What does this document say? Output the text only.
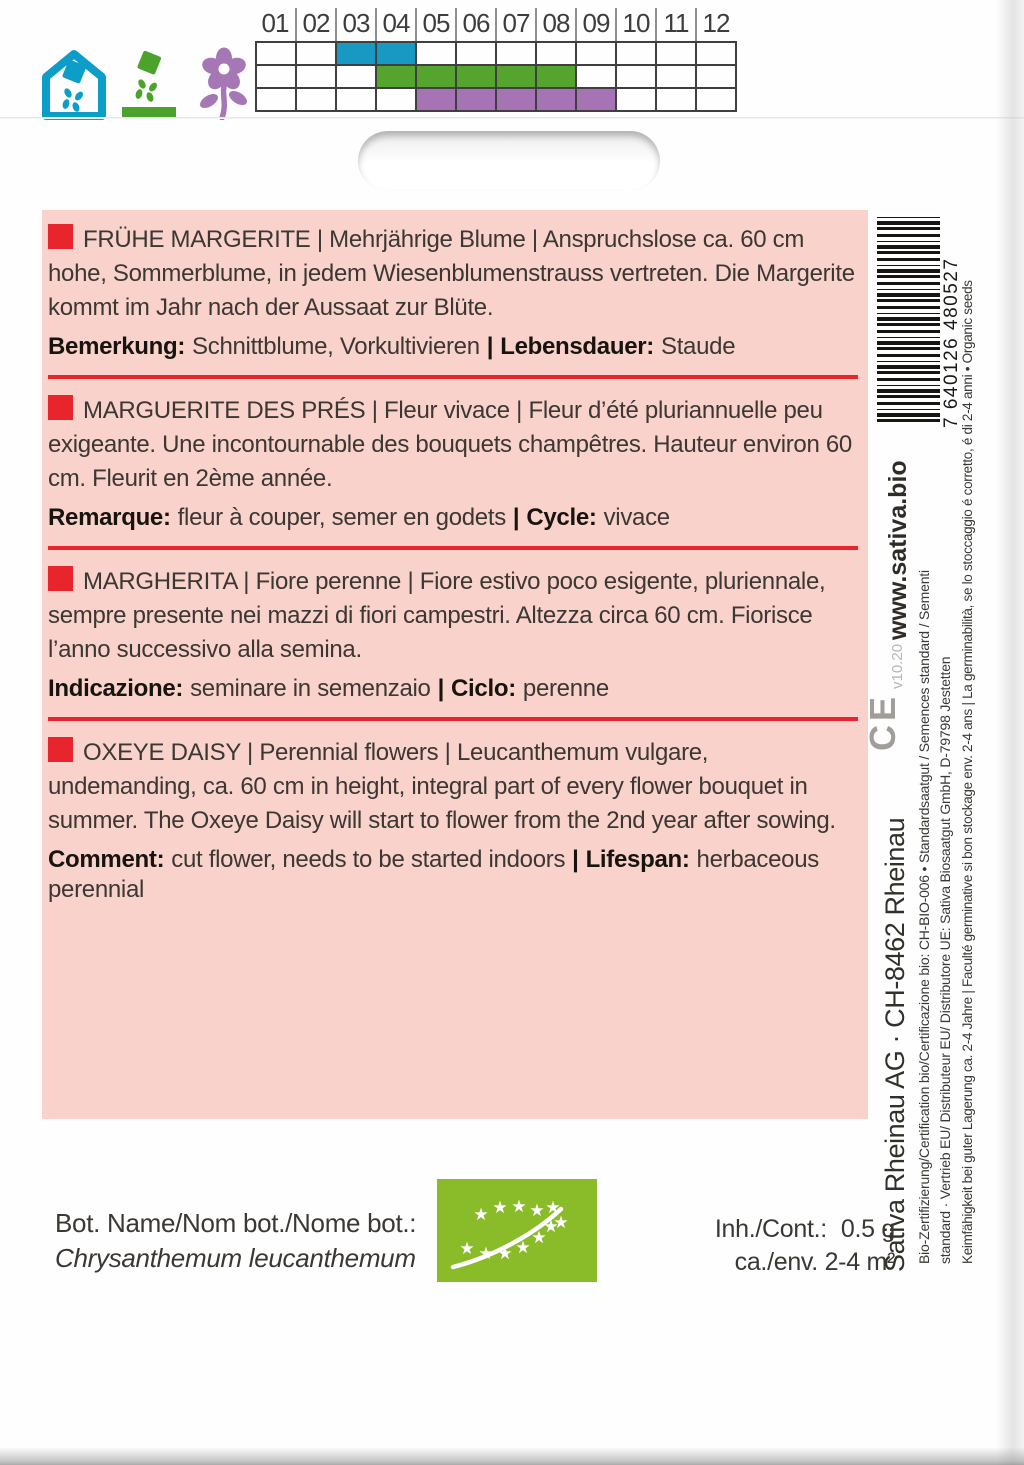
01 02 03 04 05 06 07 08 09 10 11 12

FRÜHE MARGERITE | Mehrjährige Blume | Anspruchslose ca. 60 cm hohe, Sommerblume, in jedem Wiesenblumenstrauss vertreten. Die Margerite kommt im Jahr nach der Aussaat zur Blüte.

Bemerkung: Schnittblume, Vorkultivieren | Lebensdauer: Staude

MARGUERITE DES PRÉS | Fleur vivace | Fleur d’été pluriannuelle peu exigeante. Une incontournable des bouquets champêtres. Hauteur environ 60 cm. Fleurit en 2ème année.

Remarque: fleur à couper, semer en godets | Cycle: vivace

MARGHERITA | Fiore perenne | Fiore estivo poco esigente, pluriennale, sempre presente nei mazzi di fiori campestri. Altezza circa 60 cm. Fiorisce l’anno successivo alla semina.

Indicazione: seminare in semenzaio | Ciclo: perenne

OXEYE DAISY | Perennial flowers | Leucanthemum vulgare, undemanding, ca. 60 cm in height, integral part of every flower bouquet in summer. The Oxeye Daisy will start to flower from the 2nd year after sowing.

Comment: cut flower, needs to be started indoors | Lifespan: herbaceous perennial

7 640126 480527
www.sativa.bio
v10.20
CE
Sativa Rheinau AG · CH-8462 Rheinau Bio-Zertifizierung/Certification bio/Certificazione bio: CH-BIO-006 • Standardsaatgut / Semences standard / Sementi standard · Vertrieb EU/ Distributeur EU/ Distributore UE: Sativa Biosaatgut GmbH, D-79798 Jestetten Keimfähigkeit bei guter Lagerung ca. 2-4 Jahre | Faculté germinative si bon stockage env. 2-4 ans | La germinabilità, se lo stoccaggio é corretto, é di 2-4 anni • Organic seeds
Bot. Name/Nom bot./Nome bot.:
Chrysanthemum leucanthemum
★ ★ ★ ★ ★
★
★ ★ ★ ★ ★
★	Inh./Cont.: 0.5 g
ca./env. 2-4 m²
